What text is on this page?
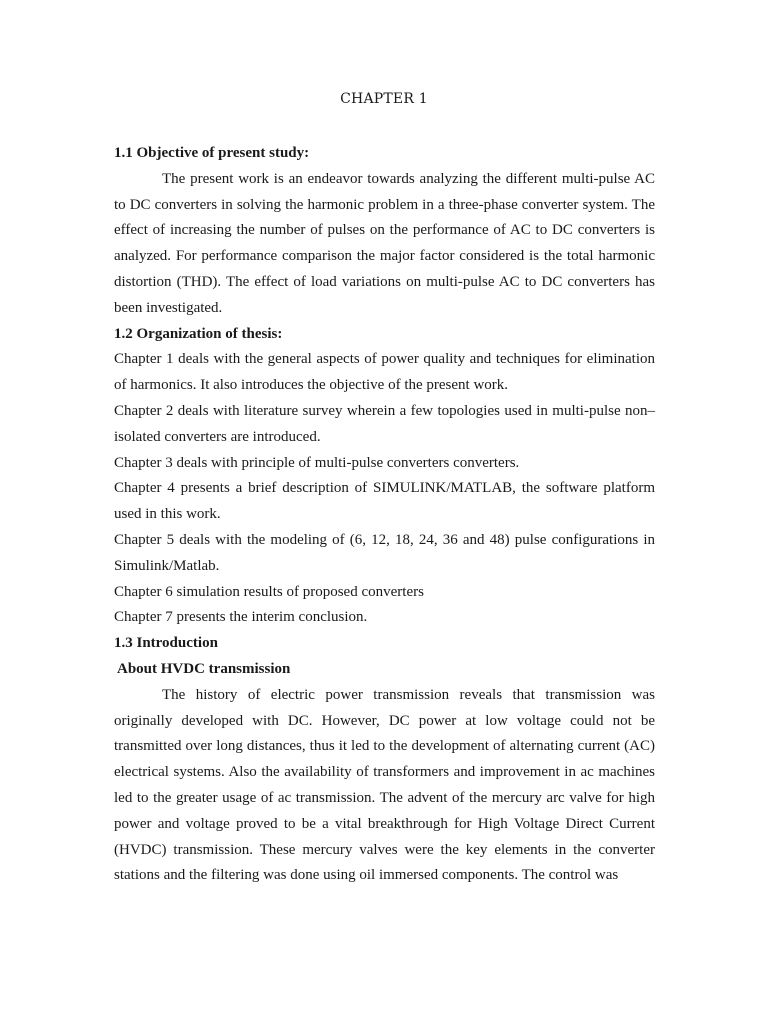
CHAPTER 1
1.1 Objective of present study:

The present work is an endeavor towards analyzing the different multi-pulse AC to DC converters in solving the harmonic problem in a three-phase converter system. The effect of increasing the number of pulses on the performance of AC to DC converters is analyzed. For performance comparison the major factor considered is the total harmonic distortion (THD). The effect of load variations on multi-pulse AC to DC converters has been investigated.

1.2 Organization of thesis:

Chapter 1 deals with the general aspects of power quality and techniques for elimination of harmonics. It also introduces the objective of the present work.

Chapter 2 deals with literature survey wherein a few topologies used in multi-pulse non–isolated converters are introduced.

Chapter 3 deals with principle of multi-pulse converters converters.

Chapter 4 presents a brief description of SIMULINK/MATLAB, the software platform used in this work.

Chapter 5 deals with the modeling of (6, 12, 18, 24, 36 and 48) pulse configurations in Simulink/Matlab.

Chapter 6 simulation results of proposed converters

Chapter 7 presents the interim conclusion.

1.3 Introduction
About HVDC transmission

The history of electric power transmission reveals that transmission was originally developed with DC. However, DC power at low voltage could not be transmitted over long distances, thus it led to the development of alternating current (AC) electrical systems. Also the availability of transformers and improvement in ac machines led to the greater usage of ac transmission. The advent of the mercury arc valve for high power and voltage proved to be a vital breakthrough for High Voltage Direct Current (HVDC) transmission. These mercury valves were the key elements in the converter stations and the filtering was done using oil immersed components. The control was
